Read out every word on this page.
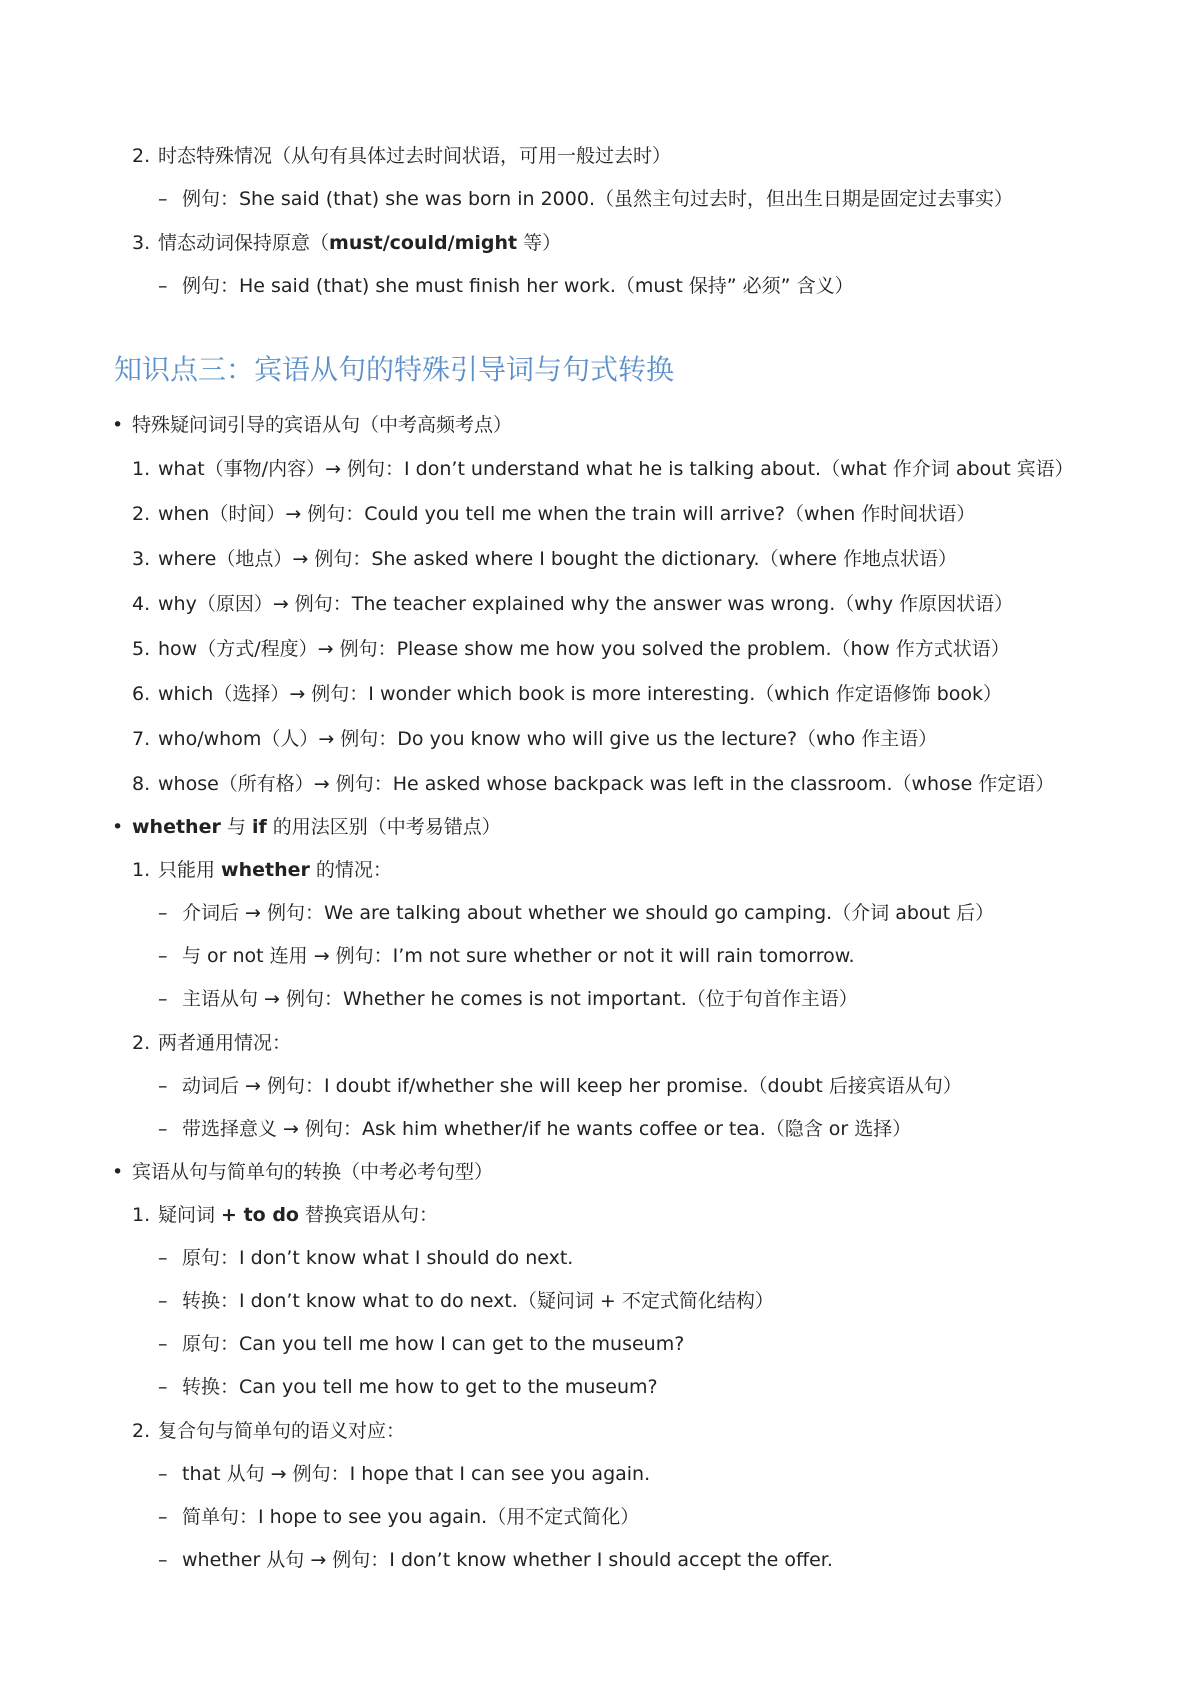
2. 时态特殊情况（从句有具体过去时间状语，可用一般过去时）
– 例句：She said (that) she was born in 2000.（虽然主句过去时，但出生日期是固定过去事实）
3. 情态动词保持原意（must/could/might 等）
– 例句：He said (that) she must finish her work.（must 保持” 必须” 含义）
知识点三：宾语从句的特殊引导词与句式转换
• 特殊疑问词引导的宾语从句（中考高频考点）
1. what（事物/内容）→ 例句：I don’t understand what he is talking about.（what 作介词 about 宾语）
2. when（时间）→ 例句：Could you tell me when the train will arrive?（when 作时间状语）
3. where（地点）→ 例句：She asked where I bought the dictionary.（where 作地点状语）
4. why（原因）→ 例句：The teacher explained why the answer was wrong.（why 作原因状语）
5. how（方式/程度）→ 例句：Please show me how you solved the problem.（how 作方式状语）
6. which（选择）→ 例句：I wonder which book is more interesting.（which 作定语修饰 book）
7. who/whom（人）→ 例句：Do you know who will give us the lecture?（who 作主语）
8. whose（所有格）→ 例句：He asked whose backpack was left in the classroom.（whose 作定语）
• whether 与 if 的用法区别（中考易错点）
1. 只能用 whether 的情况：
– 介词后 → 例句：We are talking about whether we should go camping.（介词 about 后）
– 与 or not 连用 → 例句：I’m not sure whether or not it will rain tomorrow.
– 主语从句 → 例句：Whether he comes is not important.（位于句首作主语）
2. 两者通用情况：
– 动词后 → 例句：I doubt if/whether she will keep her promise.（doubt 后接宾语从句）
– 带选择意义 → 例句：Ask him whether/if he wants coffee or tea.（隐含 or 选择）
• 宾语从句与简单句的转换（中考必考句型）
1. 疑问词 + to do 替换宾语从句：
– 原句：I don’t know what I should do next.
– 转换：I don’t know what to do next.（疑问词 + 不定式简化结构）
– 原句：Can you tell me how I can get to the museum?
– 转换：Can you tell me how to get to the museum?
2. 复合句与简单句的语义对应：
– that 从句 → 例句：I hope that I can see you again.
– 简单句：I hope to see you again.（用不定式简化）
– whether 从句 → 例句：I don’t know whether I should accept the offer.
